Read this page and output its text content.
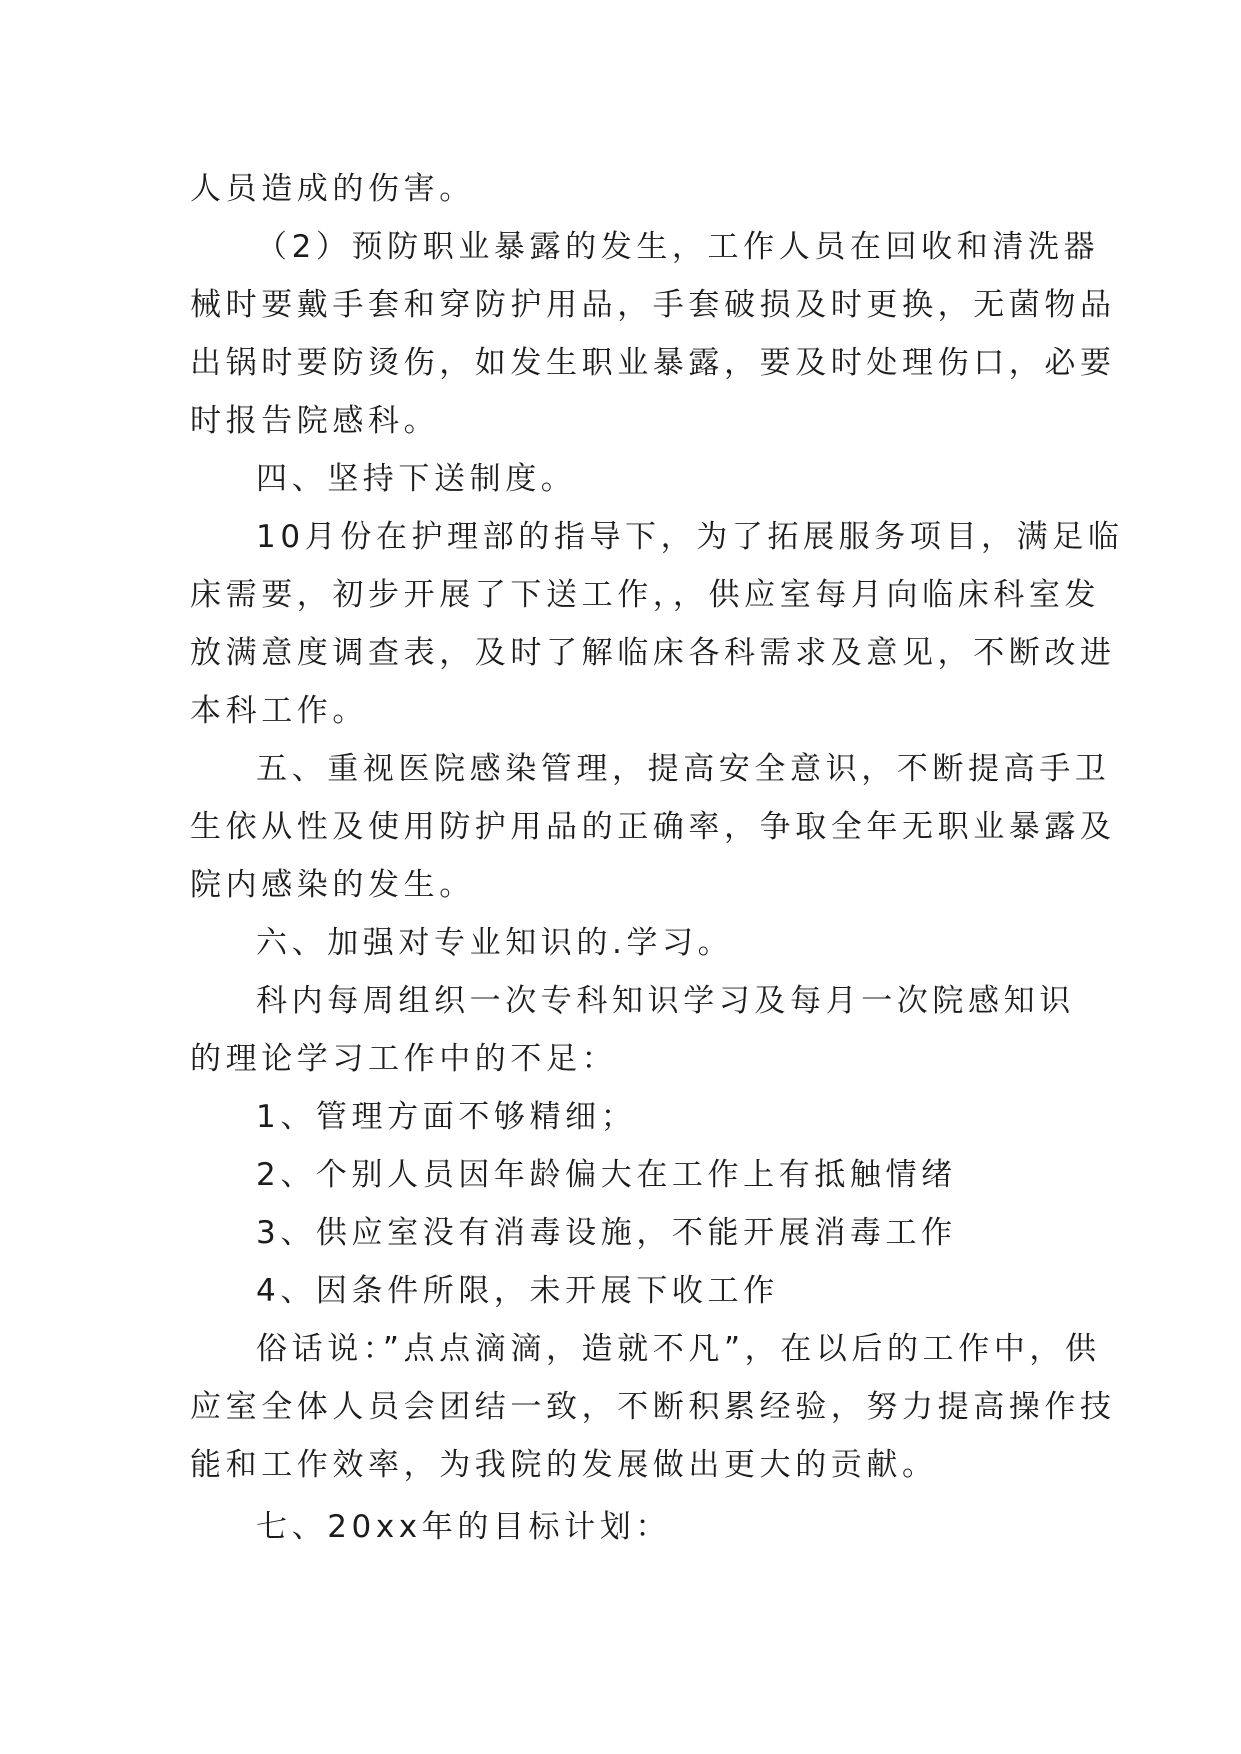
人员造成的伤害。
（2）预防职业暴露的发生，工作人员在回收和清洗器
械时要戴手套和穿防护用品，手套破损及时更换，无菌物品
出锅时要防烫伤，如发生职业暴露，要及时处理伤口，必要
时报告院感科。
四、坚持下送制度。
10月份在护理部的指导下，为了拓展服务项目，满足临
床需要，初步开展了下送工作，，供应室每月向临床科室发
放满意度调查表，及时了解临床各科需求及意见，不断改进
本科工作。
五、重视医院感染管理，提高安全意识，不断提高手卫
生依从性及使用防护用品的正确率，争取全年无职业暴露及
院内感染的发生。
六、加强对专业知识的.学习。
科内每周组织一次专科知识学习及每月一次院感知识
的理论学习工作中的不足：
1、管理方面不够精细；
2、个别人员因年龄偏大在工作上有抵触情绪
3、供应室没有消毒设施，不能开展消毒工作
4、因条件所限，未开展下收工作
俗话说：”点点滴滴，造就不凡”，在以后的工作中，供
应室全体人员会团结一致，不断积累经验，努力提高操作技
能和工作效率，为我院的发展做出更大的贡献。
七、20xx年的目标计划：
